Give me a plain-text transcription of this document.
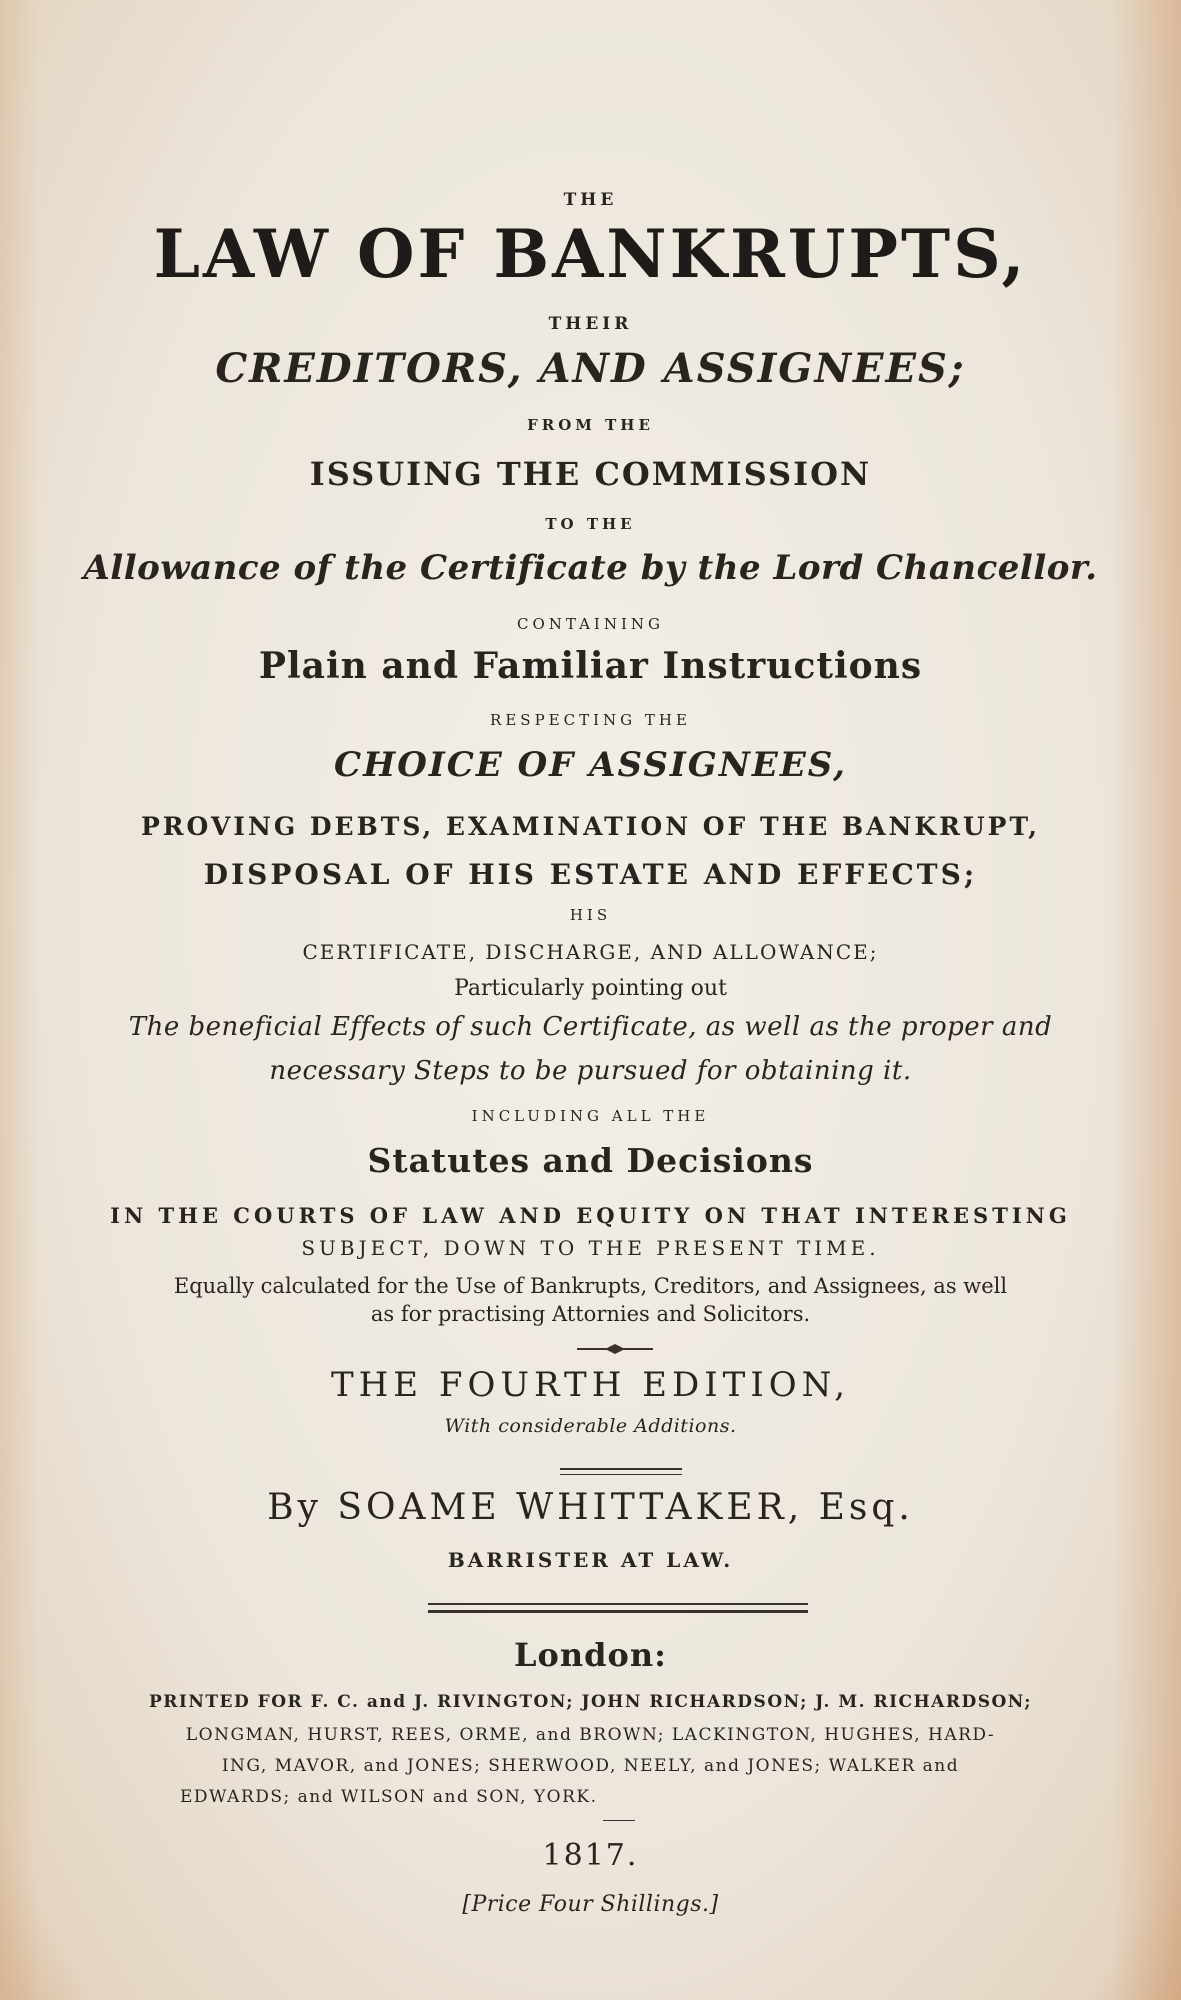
THE
LAW OF BANKRUPTS,
THEIR
CREDITORS, AND ASSIGNEES;
FROM THE
ISSUING THE COMMISSION
TO THE
Allowance of the Certificate by the Lord Chancellor.
CONTAINING
Plain and Familiar Instructions
RESPECTING THE
CHOICE OF ASSIGNEES,
PROVING DEBTS, EXAMINATION OF THE BANKRUPT,
DISPOSAL OF HIS ESTATE AND EFFECTS;
HIS
CERTIFICATE, DISCHARGE, AND ALLOWANCE;
Particularly pointing out
The beneficial Effects of such Certificate, as well as the proper and
necessary Steps to be pursued for obtaining it.
INCLUDING ALL THE
Statutes and Decisions
IN THE COURTS OF LAW AND EQUITY ON THAT INTERESTING
SUBJECT, DOWN TO THE PRESENT TIME.
Equally calculated for the Use of Bankrupts, Creditors, and Assignees, as well
as for practising Attornies and Solicitors.
THE FOURTH EDITION,
With considerable Additions.
By SOAME WHITTAKER, Esq.
BARRISTER AT LAW.
London:
PRINTED FOR F. C. and J. RIVINGTON; JOHN RICHARDSON; J. M. RICHARDSON;
LONGMAN, HURST, REES, ORME, and BROWN; LACKINGTON, HUGHES, HARD-
ING, MAVOR, and JONES; SHERWOOD, NEELY, and JONES; WALKER and
EDWARDS; and WILSON and SON, YORK.
1817.
[Price Four Shillings.]
